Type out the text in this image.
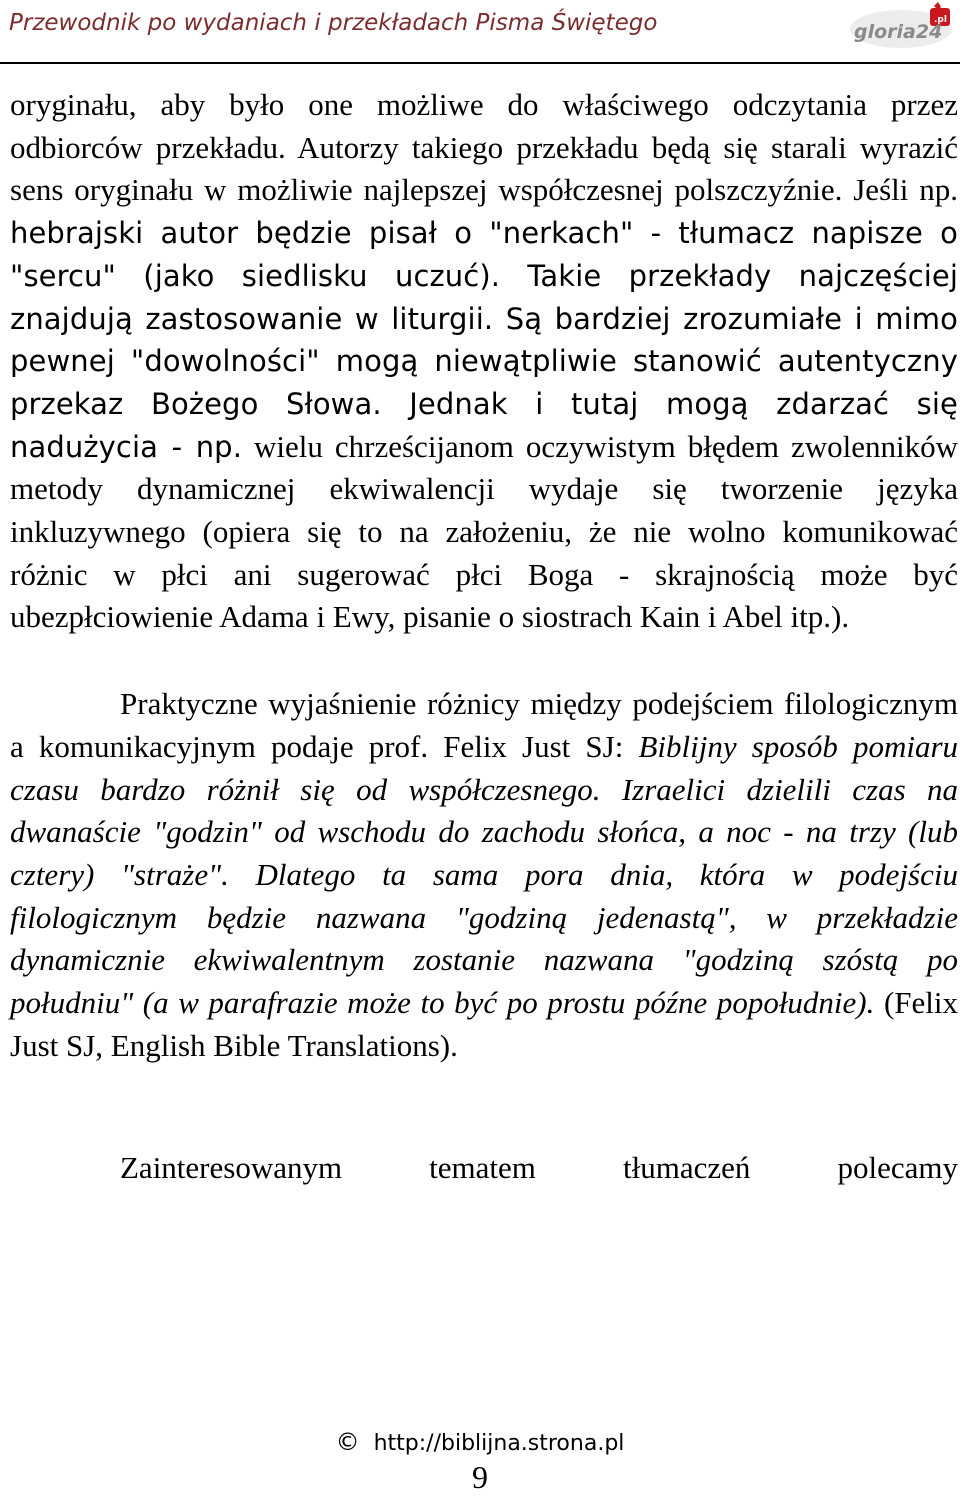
Przewodnik po wydaniach i przekładach Pisma Świętego	gloria24
.pl

oryginału, aby było one możliwe do właściwego odczytania przez odbiorców przekładu. Autorzy takiego przekładu będą się starali wyrazić sens oryginału w możliwie najlepszej współczesnej polszczyźnie. Jeśli np. hebrajski autor będzie pisał o "nerkach" - tłumacz napisze o "sercu" (jako siedlisku uczuć). Takie przekłady najczęściej znajdują zastosowanie w liturgii. Są bardziej zrozumiałe i mimo pewnej "dowolności" mogą niewątpliwie stanowić autentyczny przekaz Bożego Słowa. Jednak i tutaj mogą zdarzać się nadużycia - np. wielu chrześcijanom oczywistym błędem zwolenników metody dynamicznej ekwiwalencji wydaje się tworzenie języka inkluzywnego (opiera się to na założeniu, że nie wolno komunikować różnic w płci ani sugerować płci Boga - skrajnością może być ubezpłciowienie Adama i Ewy, pisanie o siostrach Kain i Abel itp.).

Praktyczne wyjaśnienie różnicy między podejściem filologicznym a komunikacyjnym podaje prof. Felix Just SJ: Biblijny sposób pomiaru czasu bardzo różnił się od współczesnego. Izraelici dzielili czas na dwanaście "godzin" od wschodu do zachodu słońca, a noc - na trzy (lub cztery) "straże". Dlatego ta sama pora dnia, która w podejściu filologicznym będzie nazwana "godziną jedenastą", w przekładzie dynamicznie ekwiwalentnym zostanie nazwana "godziną szóstą po południu" (a w parafrazie może to być po prostu późne popołudnie). (Felix Just SJ, English Bible Translations).

Zainteresowanym tematem tłumaczeń polecamy

© http://biblijna.strona.pl
9
